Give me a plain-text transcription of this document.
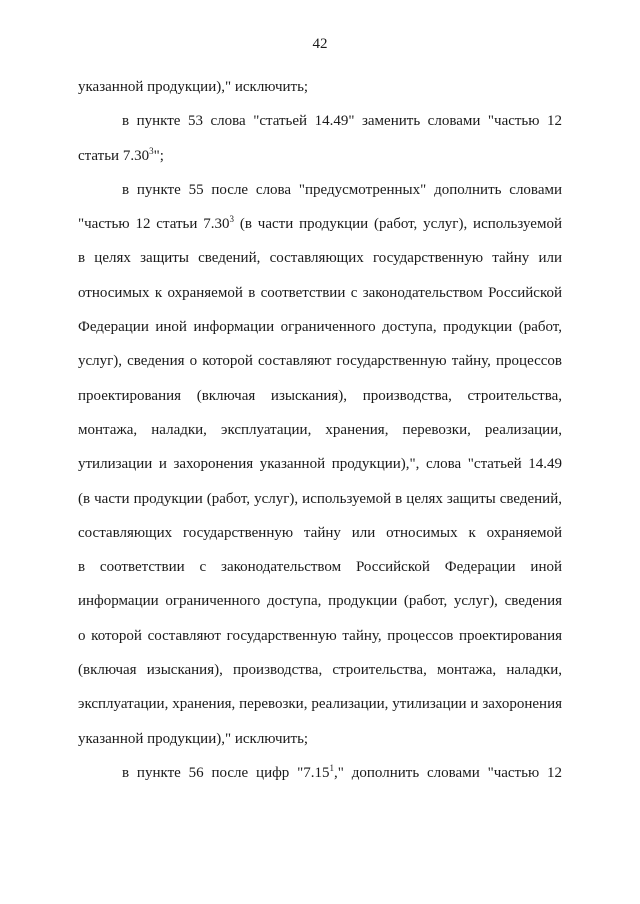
42

указанной продукции)," исключить;

в пункте 53 слова "статьей 14.49" заменить словами "частью 12
статьи 7.30$^3$";

в пункте 55 после слова "предусмотренных" дополнить словами
"частью 12 статьи 7.30$^3$ (в части продукции (работ, услуг), используемой
в целях защиты сведений, составляющих государственную тайну или
относимых к охраняемой в соответствии с законодательством Российской
Федерации иной информации ограниченного доступа, продукции (работ,
услуг), сведения о которой составляют государственную тайну, процессов
проектирования (включая изыскания), производства, строительства,
монтажа, наладки, эксплуатации, хранения, перевозки, реализации,
утилизации и захоронения указанной продукции),", слова "статьей 14.49
(в части продукции (работ, услуг), используемой в целях защиты сведений,
составляющих государственную тайну или относимых к охраняемой
в соответствии с законодательством Российской Федерации иной
информации ограниченного доступа, продукции (работ, услуг), сведения
о которой составляют государственную тайну, процессов проектирования
(включая изыскания), производства, строительства, монтажа, наладки,
эксплуатации, хранения, перевозки, реализации, утилизации и захоронения
указанной продукции)," исключить;

в пункте 56 после цифр "7.15$^1$," дополнить словами "частью 12
